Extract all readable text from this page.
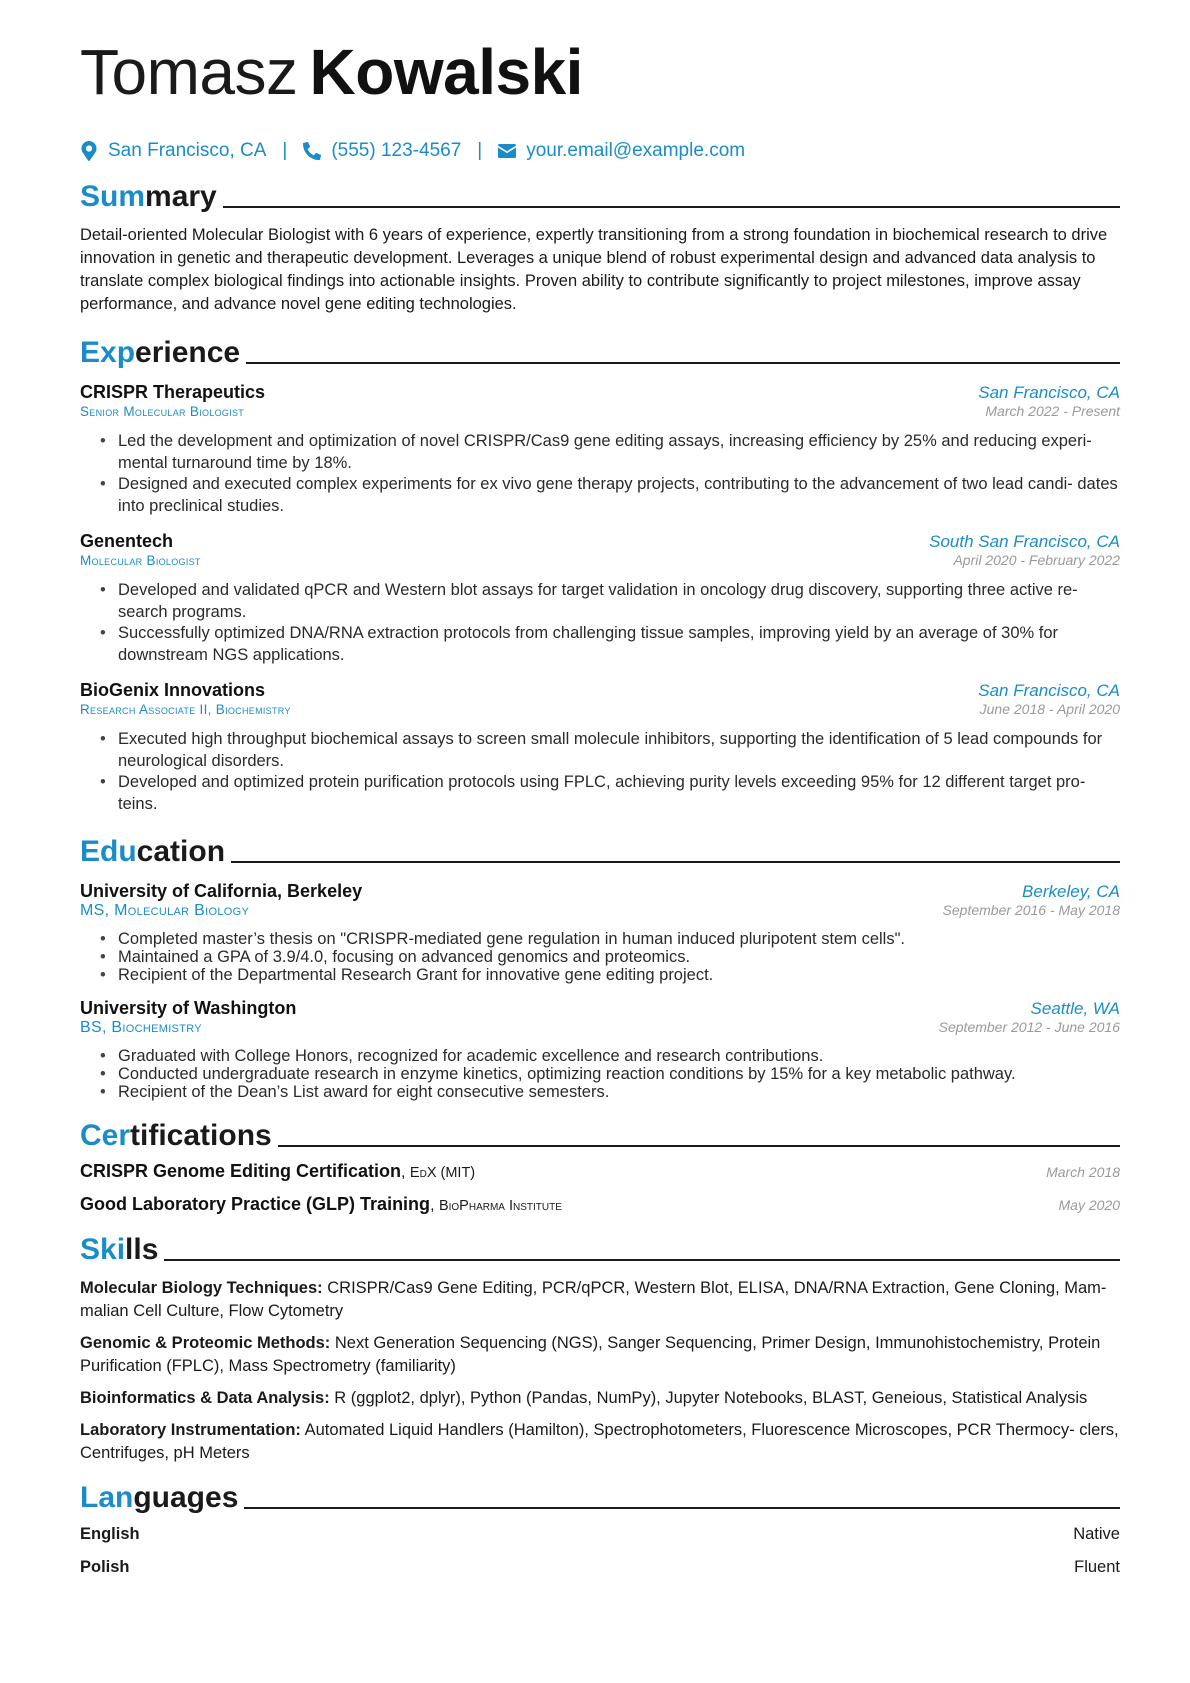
Tomasz Kowalski
San Francisco, CA | (555) 123-4567 | your.email@example.com
Summary
Detail-oriented Molecular Biologist with 6 years of experience, expertly transitioning from a strong foundation in biochemical research to drive innovation in genetic and therapeutic development. Leverages a unique blend of robust experimental design and advanced data analysis to translate complex biological findings into actionable insights. Proven ability to contribute significantly to project milestones, improve assay performance, and advance novel gene editing technologies.
Experience
CRISPR Therapeutics	San Francisco, CA
Senior Molecular Biologist	March 2022 - Present
• Led the development and optimization of novel CRISPR/Cas9 gene editing assays, increasing efficiency by 25% and reducing experi- mental turnaround time by 18%.
• Designed and executed complex experiments for ex vivo gene therapy projects, contributing to the advancement of two lead candi- dates into preclinical studies.
Genentech	South San Francisco, CA
Molecular Biologist	April 2020 - February 2022
• Developed and validated qPCR and Western blot assays for target validation in oncology drug discovery, supporting three active re- search programs.
• Successfully optimized DNA/RNA extraction protocols from challenging tissue samples, improving yield by an average of 30% for downstream NGS applications.
BioGenix Innovations	San Francisco, CA
Research Associate II, Biochemistry	June 2018 - April 2020
• Executed high throughput biochemical assays to screen small molecule inhibitors, supporting the identification of 5 lead compounds for neurological disorders.
• Developed and optimized protein purification protocols using FPLC, achieving purity levels exceeding 95% for 12 different target pro- teins.
Education
University of California, Berkeley	Berkeley, CA
MS, Molecular Biology	September 2016 - May 2018
• Completed master’s thesis on "CRISPR-mediated gene regulation in human induced pluripotent stem cells".
• Maintained a GPA of 3.9/4.0, focusing on advanced genomics and proteomics.
• Recipient of the Departmental Research Grant for innovative gene editing project.
University of Washington	Seattle, WA
BS, Biochemistry	September 2012 - June 2016
• Graduated with College Honors, recognized for academic excellence and research contributions.
• Conducted undergraduate research in enzyme kinetics, optimizing reaction conditions by 15% for a key metabolic pathway.
• Recipient of the Dean’s List award for eight consecutive semesters.
Certifications
CRISPR Genome Editing Certification, EdX (MIT)	March 2018
Good Laboratory Practice (GLP) Training, BioPharma Institute	May 2020
Skills
Molecular Biology Techniques: CRISPR/Cas9 Gene Editing, PCR/qPCR, Western Blot, ELISA, DNA/RNA Extraction, Gene Cloning, Mam- malian Cell Culture, Flow Cytometry
Genomic & Proteomic Methods: Next Generation Sequencing (NGS), Sanger Sequencing, Primer Design, Immunohistochemistry, Protein Purification (FPLC), Mass Spectrometry (familiarity)
Bioinformatics & Data Analysis: R (ggplot2, dplyr), Python (Pandas, NumPy), Jupyter Notebooks, BLAST, Geneious, Statistical Analysis
Laboratory Instrumentation: Automated Liquid Handlers (Hamilton), Spectrophotometers, Fluorescence Microscopes, PCR Thermocy- clers, Centrifuges, pH Meters
Languages
English	Native
Polish	Fluent
